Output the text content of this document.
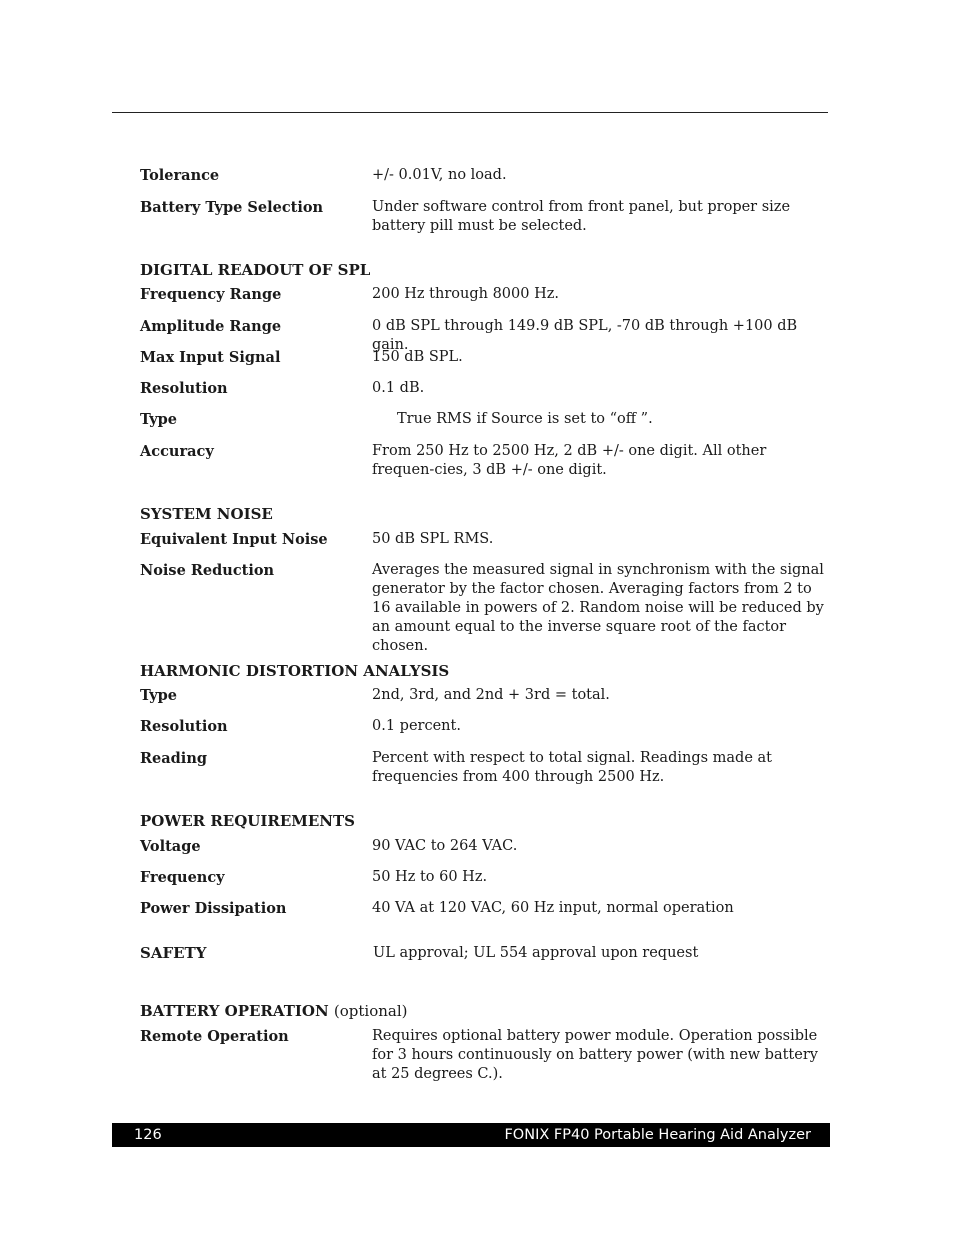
Tolerance	+/- 0.01V, no load.
Battery Type Selection	Under software control from front panel, but proper size battery pill must be selected.
DIGITAL READOUT OF SPL
Frequency Range	200 Hz through 8000 Hz.
Amplitude Range	0 dB SPL through 149.9 dB SPL, -70 dB through +100 dB gain.
Max Input Signal	150 dB SPL.
Resolution	0.1 dB.
Type	True RMS if Source is set to “off ”.
Accuracy	From 250 Hz to 2500 Hz, 2 dB +/- one digit. All other frequen-cies, 3 dB +/- one digit.
SYSTEM NOISE
Equivalent Input Noise	50 dB SPL RMS.
Noise Reduction	Averages the measured signal in synchronism with the signal generator by the factor chosen. Averaging factors from 2 to 16 available in powers of 2. Random noise will be reduced by an amount equal to the inverse square root of the factor chosen.
HARMONIC DISTORTION ANALYSIS
Type	2nd, 3rd, and 2nd + 3rd = total.
Resolution	0.1 percent.
Reading	Percent with respect to total signal. Readings made at frequencies from 400 through 2500 Hz.
POWER REQUIREMENTS
Voltage	90 VAC to 264 VAC.
Frequency	50 Hz to 60 Hz.
Power Dissipation	40 VA at 120 VAC, 60 Hz input, normal operation
SAFETY	UL approval; UL 554 approval upon request
BATTERY OPERATION (optional)
Remote Operation	Requires optional battery power module. Operation possible for 3 hours continuously on battery power (with new battery at 25 degrees C.).
126	FONIX FP40 Portable Hearing Aid Analyzer
